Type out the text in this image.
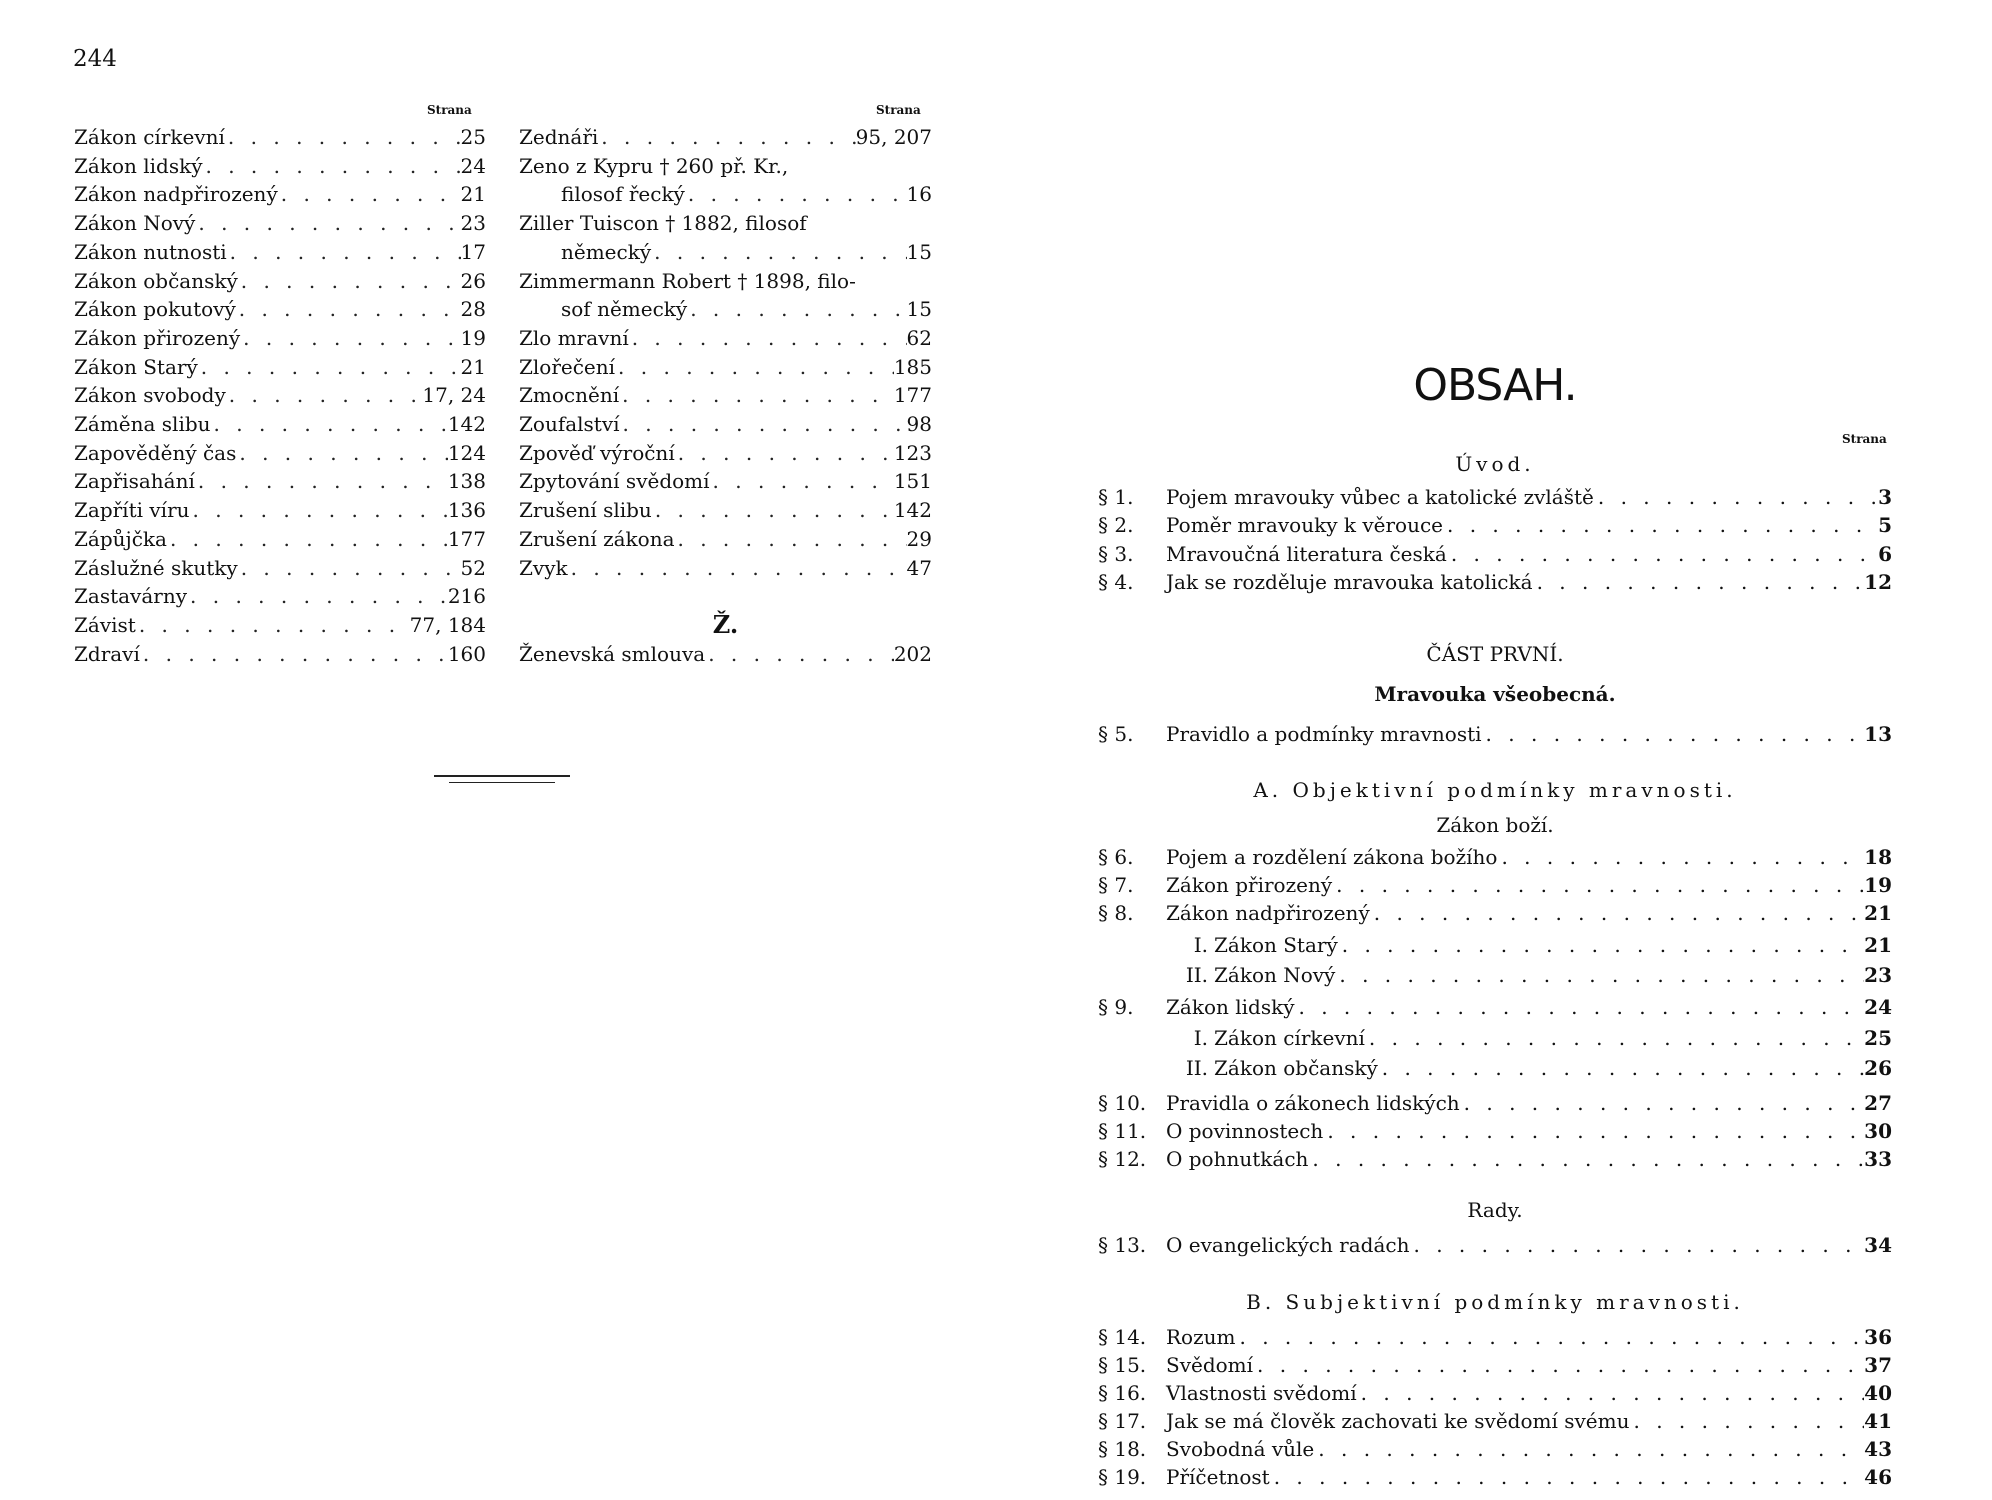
244
Strana	Strana
Zákon církevní . . .	25
Zákon lidský . . .	24
Zákon nadpřirozený . . .	21
Zákon Nový . . .	23
Zákon nutnosti . . .	17
Zákon občanský . . .	26
Zákon pokutový . . .	28
Zákon přirozený . . .	19
Zákon Starý . . .	21
Zákon svobody . . .	17, 24
Záměna slibu . . .	142
Zapověděný čas . . .	124
Zapřisahání . . .	138
Zapříti víru . . .	136
Zápůjčka . . .	177
Záslužné skutky . . .	52
Zastavárny . . .	216
Závist . . .	77, 184
Zdraví . . .	160
Zednáři . . .	95, 207
Zeno z Kypru † 260 př. Kr.,
filosof řecký . . .	16
Ziller Tuiscon † 1882, filosof
německý . . .	15
Zimmermann Robert † 1898, filo-
sof německý . . .	15
Zlo mravní . . .	62
Zlořečení . . .	185
Zmocnění . . .	177
Zoufalství . . .	98
Zpověď výroční . . .	123
Zpytování svědomí . . .	151
Zrušení slibu . . .	142
Zrušení zákona . . .	29
Zvyk . . .	47

Ž.
Ženevská smlouva . . .	202
OBSAH.
Strana
Úvod.
§ 1.	Pojem mravouky vůbec a katolické zvláště . . .	3
§ 2.	Poměr mravouky k věrouce . . .	5
§ 3.	Mravoučná literatura česká . . .	6
§ 4.	Jak se rozděluje mravouka katolická . . .	12
ČÁST PRVNÍ.
Mravouka všeobecná.
§ 5.	Pravidlo a podmínky mravnosti . . .	13
A. Objektivní podmínky mravnosti.
Zákon boží.
§ 6.	Pojem a rozdělení zákona božího . . .	18
§ 7.	Zákon přirozený . . .	19
§ 8.	Zákon nadpřirozený . . .	21
I. Zákon Starý . . .	21
II. Zákon Nový . . .	23
§ 9.	Zákon lidský . . .	24
I. Zákon církevní . . .	25
II. Zákon občanský . . .	26
§ 10. Pravidla o zákonech lidských . . .	27
§ 11. O povinnostech . . .	30
§ 12. O pohnutkách . . .	33
Rady.
§ 13. O evangelických radách . . .	34
B. Subjektivní podmínky mravnosti.
§ 14. Rozum . . .	36
§ 15. Svědomí . . .	37
§ 16. Vlastnosti svědomí . . .	40
§ 17. Jak se má člověk zachovati ke svědomí svému . . .	41
§ 18. Svobodná vůle . . .	43
§ 19. Příčetnost . . .	46
